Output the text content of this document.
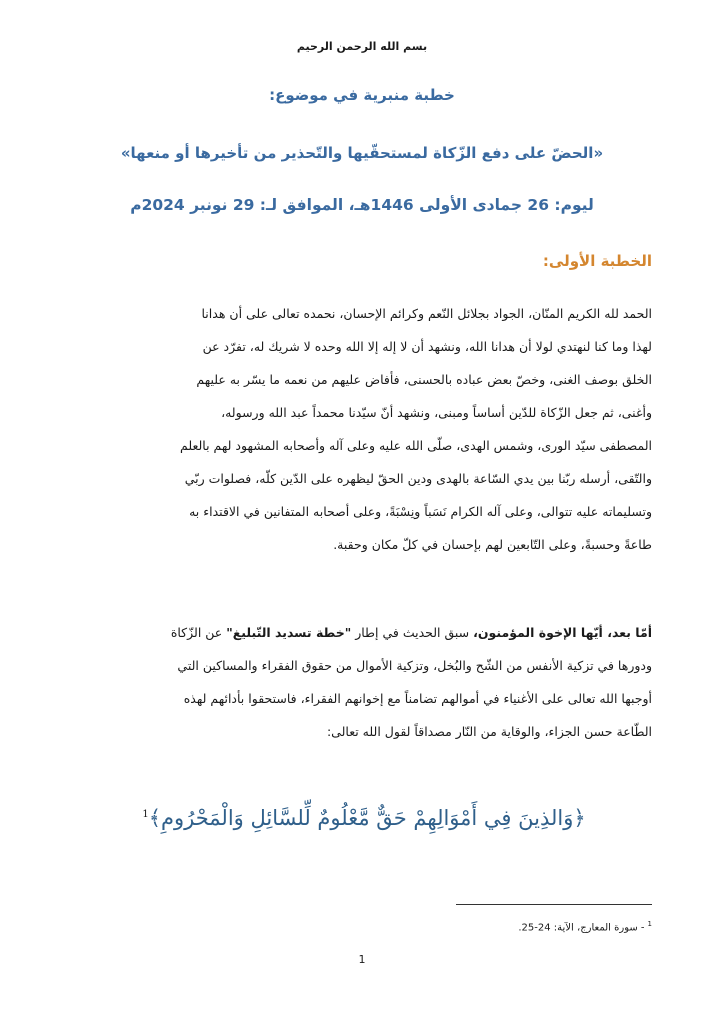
بسم الله الرحمن الرحيم
خطبة منبرية في موضوع:
«الحضّ على دفع الزّكاة لمستحقّيها والتّحذير من تأخيرها أو منعها»
ليوم: 26 جمادى الأولى 1446هـ، الموافق لـ: 29 نونبر 2024م
الخطبة الأولى:
الحمد لله الكريم المنّان، الجواد بجلائل النّعم وكرائم الإحسان، نحمده تعالى على أن هدانا
لهذا وما كنا لنهتدي لولا أن هدانا الله، ونشهد أن لا إله إلا الله وحده لا شريك له، تفرّد عن
الخلق بوصف الغنى، وخصّ بعض عباده بالحسنى، فأفاض عليهم من نعمه ما يسّر به عليهم
وأغنى، ثم جعل الزّكاة للدّين أساساً ومبنى، ونشهد أنّ سيّدنا محمداً عبد الله ورسوله،
المصطفى سيّد الورى، وشمس الهدى، صلّى الله عليه وعلى آله وأصحابه المشهود لهم بالعلم
والتّقى، أرسله ربّنا بين يدي السّاعة بالهدى ودين الحقّ ليظهره على الدّين كلّه، فصلوات ربّي
وتسليماته عليه تتوالى، وعلى آله الكرام نَسَباً ونِسْبَةً، وعلى أصحابه المتفانين في الاقتداء به
طاعةً وحسبةً، وعلى التّابعين لهم بإحسان في كلّ مكان وحقبة.
أمّا بعد، أيّها الإخوة المؤمنون، سبق الحديث في إطار "خطة تسديد التّبليغ" عن الزّكاة
ودورها في تزكية الأنفس من الشّح والبُخل، وتزكية الأموال من حقوق الفقراء والمساكين التي
أوجبها الله تعالى على الأغنياء في أموالهم تضامناً مع إخوانهم الفقراء، فاستحقوا بأدائهم لهذه
الطّاعة حسن الجزاء، والوقاية من النّار مصداقاً لقول الله تعالى:
﴿وَالذِينَ فِي أَمْوَالِهِمْ حَقٌّ مَّعْلُومٌ لِّلسَّائِلِ وَالْمَحْرُومِ﴾$^1$
$^1$- سورة المعارج، الآية: 24-25.
1
